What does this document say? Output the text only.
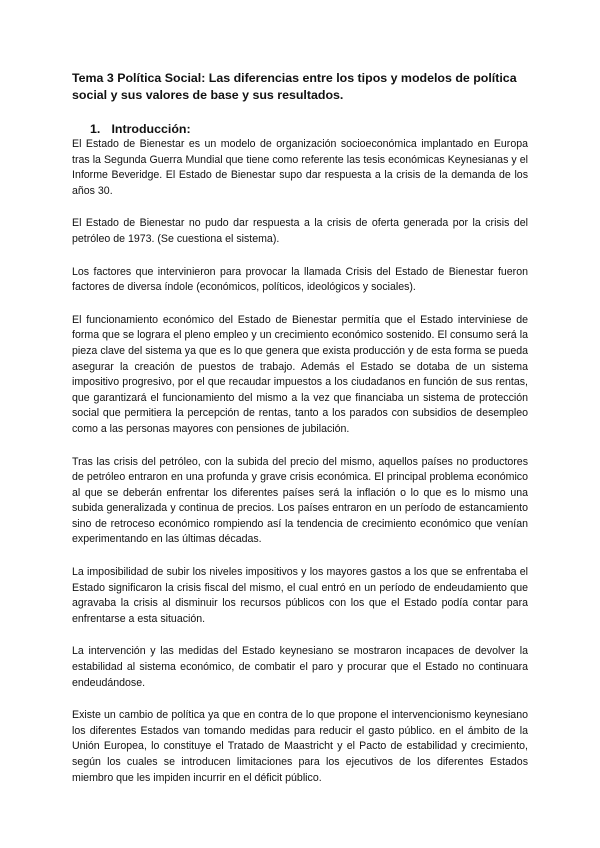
Tema 3 Política Social: Las diferencias entre los tipos y modelos de política social y sus valores de base y sus resultados.
1. Introducción:

El Estado de Bienestar es un modelo de organización socioeconómica implantado en Europa tras la Segunda Guerra Mundial que tiene como referente las tesis económicas Keynesianas y el Informe Beveridge. El Estado de Bienestar supo dar respuesta a la crisis de la demanda de los años 30.

El Estado de Bienestar no pudo dar respuesta a la crisis de oferta generada por la crisis del petróleo de 1973. (Se cuestiona el sistema).

Los factores que intervinieron para provocar la llamada Crisis del Estado de Bienestar fueron factores de diversa índole (económicos, políticos, ideológicos y sociales).

El funcionamiento económico del Estado de Bienestar permitía que el Estado interviniese de forma que se lograra el pleno empleo y un crecimiento económico sostenido. El consumo será la pieza clave del sistema ya que es lo que genera que exista producción y de esta forma se pueda asegurar la creación de puestos de trabajo. Además el Estado se dotaba de un sistema impositivo progresivo, por el que recaudar impuestos a los ciudadanos en función de sus rentas, que garantizará el funcionamiento del mismo a la vez que financiaba un sistema de protección social que permitiera la percepción de rentas, tanto a los parados con subsidios de desempleo como a las personas mayores con pensiones de jubilación.

Tras las crisis del petróleo, con la subida del precio del mismo, aquellos países no productores de petróleo entraron en una profunda y grave crisis económica. El principal problema económico al que se deberán enfrentar los diferentes países será la inflación o lo que es lo mismo una subida generalizada y continua de precios. Los países entraron en un período de estancamiento sino de retroceso económico rompiendo así la tendencia de crecimiento económico que venían experimentando en las últimas décadas.

La imposibilidad de subir los niveles impositivos y los mayores gastos a los que se enfrentaba el Estado significaron la crisis fiscal del mismo, el cual entró en un período de endeudamiento que agravaba la crisis al disminuir los recursos públicos con los que el Estado podía contar para enfrentarse a esta situación.

La intervención y las medidas del Estado keynesiano se mostraron incapaces de devolver la estabilidad al sistema económico, de combatir el paro y procurar que el Estado no continuara endeudándose.

Existe un cambio de política ya que en contra de lo que propone el intervencionismo keynesiano los diferentes Estados van tomando medidas para reducir el gasto público. en el ámbito de la Unión Europea, lo constituye el Tratado de Maastricht y el Pacto de estabilidad y crecimiento, según los cuales se introducen limitaciones para los ejecutivos de los diferentes Estados miembro que les impiden incurrir en el déficit público.
